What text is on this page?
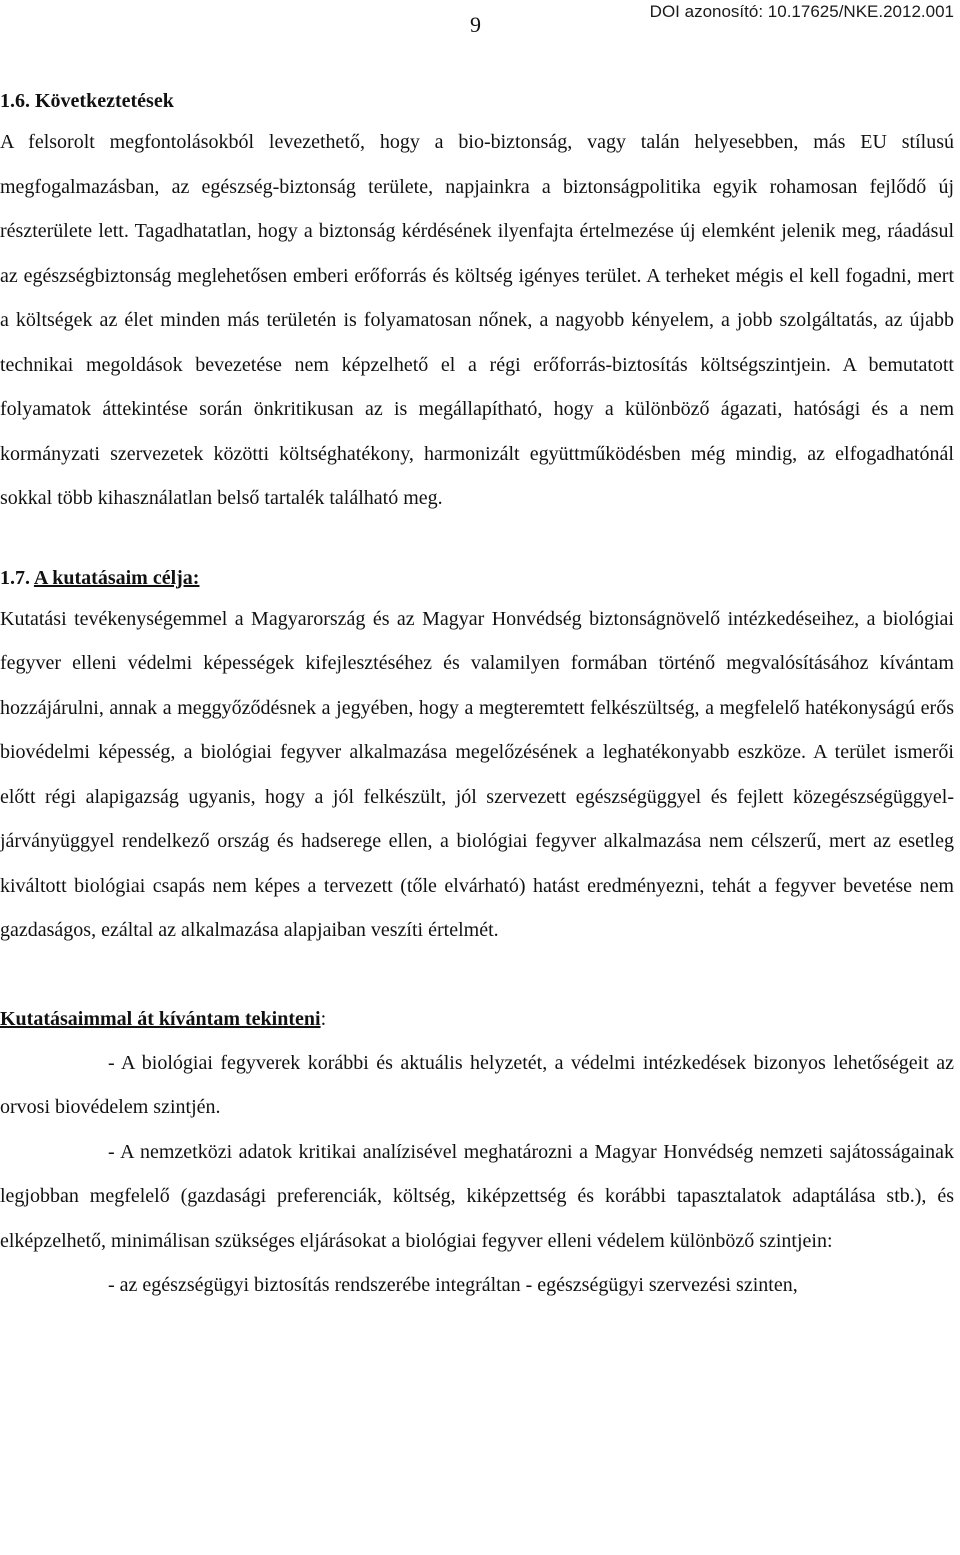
9
DOI azonosító: 10.17625/NKE.2012.001

1.6. Következtetések

A felsorolt megfontolásokból levezethető, hogy a bio-biztonság, vagy talán helyesebben, más EU stílusú megfogalmazásban, az egészség-biztonság területe, napjainkra a biztonságpolitika egyik rohamosan fejlődő új részterülete lett. Tagadhatatlan, hogy a biztonság kérdésének ilyenfajta értelmezése új elemként jelenik meg, ráadásul az egészségbiztonság meglehetősen emberi erőforrás és költség igényes terület. A terheket mégis el kell fogadni, mert a költségek az élet minden más területén is folyamatosan nőnek, a nagyobb kényelem, a jobb szolgáltatás, az újabb technikai megoldások bevezetése nem képzelhető el a régi erőforrás-biztosítás költségszintjein. A bemutatott folyamatok áttekintése során önkritikusan az is megállapítható, hogy a különböző ágazati, hatósági és a nem kormányzati szervezetek közötti költséghatékony, harmonizált együttműködésben még mindig, az elfogadhatónál sokkal több kihasználatlan belső tartalék található meg.

1.7. A kutatásaim célja:

Kutatási tevékenységemmel a Magyarország és az Magyar Honvédség biztonságnövelő intézkedéseihez, a biológiai fegyver elleni védelmi képességek kifejlesztéséhez és valamilyen formában történő megvalósításához kívántam hozzájárulni, annak a meggyőződésnek a jegyében, hogy a megteremtett felkészültség, a megfelelő hatékonyságú erős biovédelmi képesség, a biológiai fegyver alkalmazása megelőzésének a leghatékonyabb eszköze. A terület ismerői előtt régi alapigazság ugyanis, hogy a jól felkészült, jól szervezett egészségüggyel és fejlett közegészségüggyel-járványüggyel rendelkező ország és hadserege ellen, a biológiai fegyver alkalmazása nem célszerű, mert az esetleg kiváltott biológiai csapás nem képes a tervezett (tőle elvárható) hatást eredményezni, tehát a fegyver bevetése nem gazdaságos, ezáltal az alkalmazása alapjaiban veszíti értelmét.

Kutatásaimmal át kívántam tekinteni:

- A biológiai fegyverek korábbi és aktuális helyzetét, a védelmi intézkedések bizonyos lehetőségeit az orvosi biovédelem szintjén.

- A nemzetközi adatok kritikai analízisével meghatározni a Magyar Honvédség nemzeti sajátosságainak legjobban megfelelő (gazdasági preferenciák, költség, kiképzettség és korábbi tapasztalatok adaptálása stb.), és elképzelhető, minimálisan szükséges eljárásokat a biológiai fegyver elleni védelem különböző szintjein:

- az egészségügyi biztosítás rendszerébe integráltan - egészségügyi szervezési szinten,
